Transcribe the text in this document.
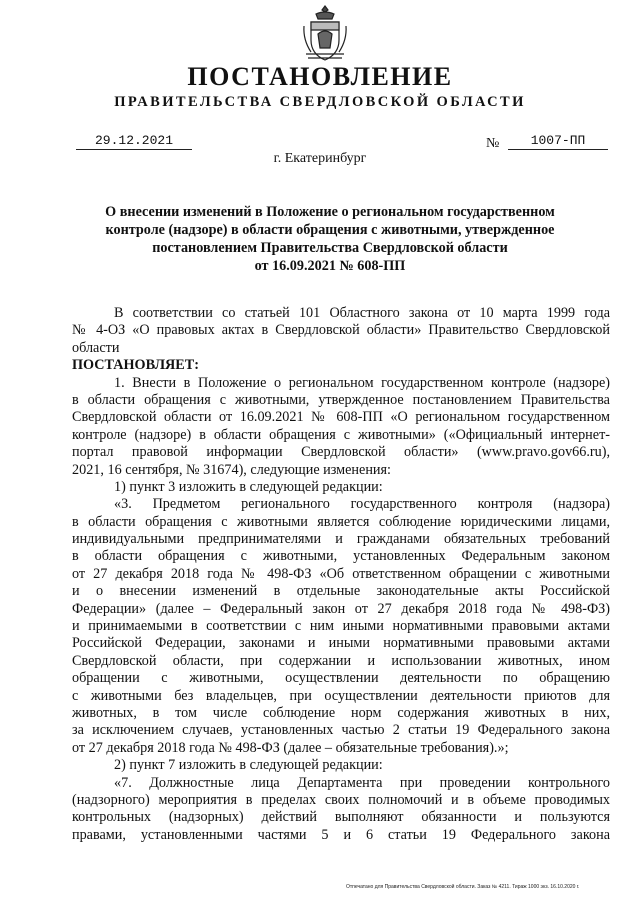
ПОСТАНОВЛЕНИЕ
ПРАВИТЕЛЬСТВА СВЕРДЛОВСКОЙ ОБЛАСТИ
29.12.2021	№	1007-ПП
г. Екатеринбург
О внесении изменений в Положение о региональном государственном
контроле (надзоре) в области обращения с животными, утвержденное
постановлением Правительства Свердловской области
от 16.09.2021 № 608-ПП
В соответствии со статьей 101 Областного закона от 10 марта 1999 года
№ 4-ОЗ «О правовых актах в Свердловской области» Правительство Свердловской
области
ПОСТАНОВЛЯЕТ:
1. Внести в Положение о региональном государственном контроле (надзоре)
в области обращения с животными, утвержденное постановлением Правительства
Свердловской области от 16.09.2021 № 608-ПП «О региональном государственном
контроле (надзоре) в области обращения с животными» («Официальный интернет-
портал правовой информации Свердловской области» (www.pravo.gov66.ru),
2021, 16 сентября, № 31674), следующие изменения:
1) пункт 3 изложить в следующей редакции:
«3. Предметом регионального государственного контроля (надзора)
в области обращения с животными является соблюдение юридическими лицами,
индивидуальными предпринимателями и гражданами обязательных требований
в области обращения с животными, установленных Федеральным законом
от 27 декабря 2018 года № 498-ФЗ «Об ответственном обращении с животными
и о внесении изменений в отдельные законодательные акты Российской
Федерации» (далее – Федеральный закон от 27 декабря 2018 года № 498-ФЗ)
и принимаемыми в соответствии с ним иными нормативными правовыми актами
Российской Федерации, законами и иными нормативными правовыми актами
Свердловской области, при содержании и использовании животных, ином
обращении с животными, осуществлении деятельности по обращению
с животными без владельцев, при осуществлении деятельности приютов для
животных, в том числе соблюдение норм содержания животных в них,
за исключением случаев, установленных частью 2 статьи 19 Федерального закона
от 27 декабря 2018 года № 498-ФЗ (далее – обязательные требования).»;
2) пункт 7 изложить в следующей редакции:
«7. Должностные лица Департамента при проведении контрольного
(надзорного) мероприятия в пределах своих полномочий и в объеме проводимых
контрольных (надзорных) действий выполняют обязанности и пользуются
правами, установленными частями 5 и 6 статьи 19 Федерального закона
Отпечатано для Правительства Свердловской области. Заказ № 4211. Тираж 1000 экз. 16.10.2020 г.
